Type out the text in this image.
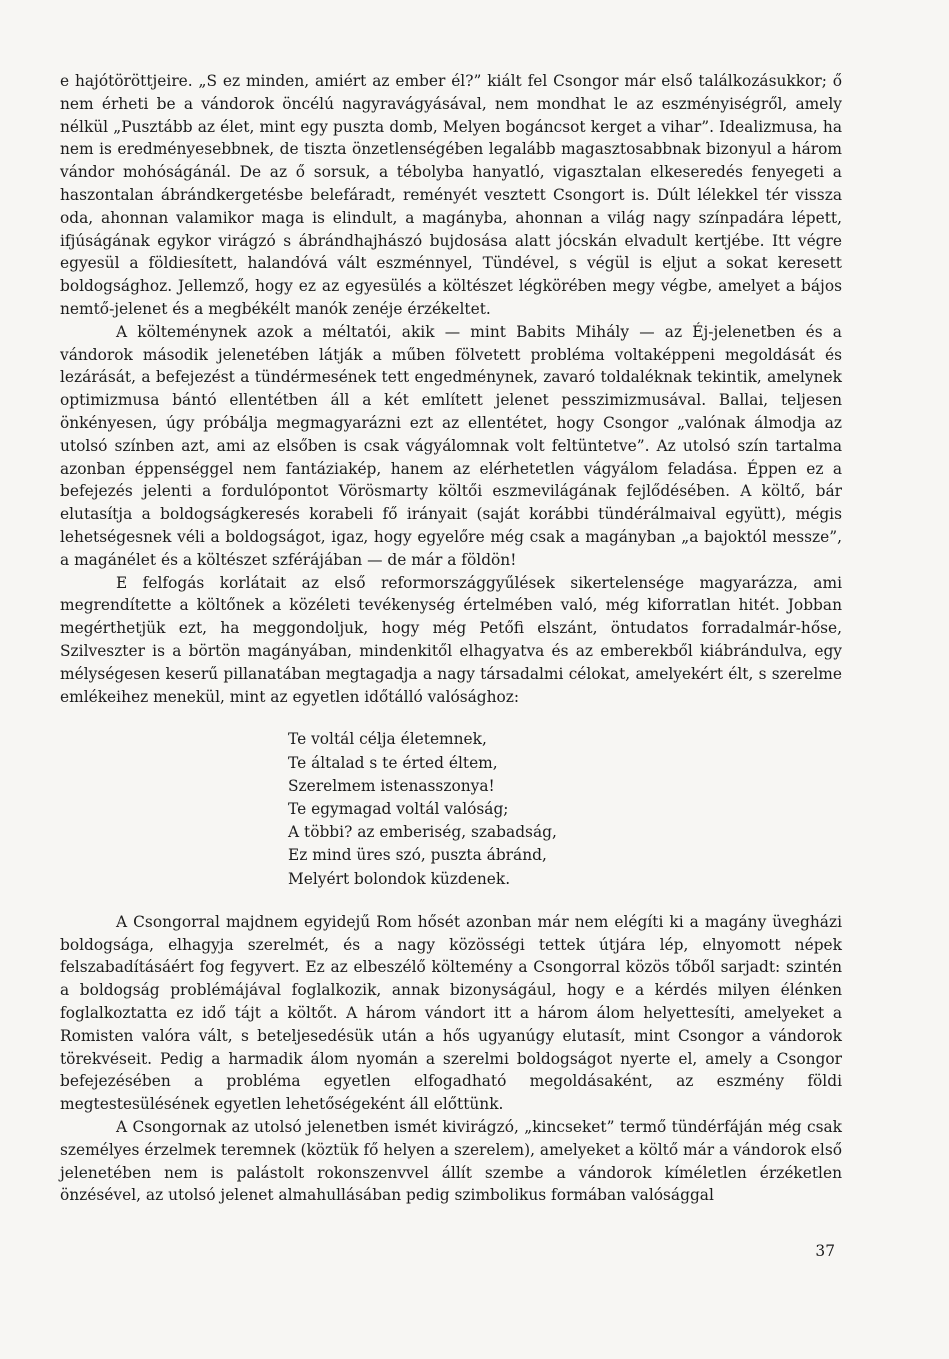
e hajótöröttjeire. „S ez minden, amiért az ember él?” kiált fel Csongor már első találkozásukkor; ő nem érheti be a vándorok öncélú nagyravágyásával, nem mondhat le az eszményiségről, amely nélkül „Pusztább az élet, mint egy puszta domb, Melyen bogáncsot kerget a vihar”. Idealizmusa, ha nem is eredményesebbnek, de tiszta önzetlenségében legalább magasztosabbnak bizonyul a három vándor mohóságánál. De az ő sorsuk, a tébolyba hanyatló, vigasztalan elkeseredés fenyegeti a haszontalan ábrándkergetésbe belefáradt, reményét vesztett Csongort is. Dúlt lélekkel tér vissza oda, ahonnan valamikor maga is elindult, a magányba, ahonnan a világ nagy színpadára lépett, ifjúságának egykor virágzó s ábrándhajhászó bujdosása alatt jócskán elvadult kertjébe. Itt végre egyesül a földiesített, halandóvá vált eszménnyel, Tündével, s végül is eljut a sokat keresett boldogsághoz. Jellemző, hogy ez az egyesülés a költészet légkörében megy végbe, amelyet a bájos nemtő-jelenet és a megbékélt manók zenéje érzékeltet.

A költeménynek azok a méltatói, akik — mint Babits Mihály — az Éj-jelenetben és a vándorok második jelenetében látják a műben fölvetett probléma voltaképpeni megoldását és lezárását, a befejezést a tündérmesének tett engedménynek, zavaró toldaléknak tekintik, amelynek optimizmusa bántó ellentétben áll a két említett jelenet pesszimizmusával. Ballai, teljesen önkényesen, úgy próbálja megmagyarázni ezt az ellentétet, hogy Csongor „valónak álmodja az utolsó színben azt, ami az elsőben is csak vágyálomnak volt feltüntetve”. Az utolsó szín tartalma azonban éppenséggel nem fantáziakép, hanem az elérhetetlen vágyálom feladása. Éppen ez a befejezés jelenti a fordulópontot Vörösmarty költői eszmevilágának fejlődésében. A költő, bár elutasítja a boldogságkeresés korabeli fő irányait (saját korábbi tündérálmaival együtt), mégis lehetségesnek véli a boldogságot, igaz, hogy egyelőre még csak a magányban „a bajoktól messze”, a magánélet és a költészet szférájában — de már a földön!

E felfogás korlátait az első reformországgyűlések sikertelensége magyarázza, ami megrendítette a költőnek a közéleti tevékenység értelmében való, még kiforratlan hitét. Jobban megérthetjük ezt, ha meggondoljuk, hogy még Petőfi elszánt, öntudatos forradalmár-hőse, Szilveszter is a börtön magányában, mindenkitől elhagyatva és az emberekből kiábrándulva, egy mélységesen keserű pillanatában megtagadja a nagy társadalmi célokat, amelyekért élt, s szerelme emlékeihez menekül, mint az egyetlen időtálló valósághoz:

Te voltál célja életemnek,
Te általad s te érted éltem,
Szerelmem istenasszonya!
Te egymagad voltál valóság;
A többi? az emberiség, szabadság,
Ez mind üres szó, puszta ábránd,
Melyért bolondok küzdenek.

A Csongorral majdnem egyidejű Rom hősét azonban már nem elégíti ki a magány üvegházi boldogsága, elhagyja szerelmét, és a nagy közösségi tettek útjára lép, elnyomott népek felszabadításáért fog fegyvert. Ez az elbeszélő költemény a Csongorral közös tőből sarjadt: szintén a boldogság problémájával foglalkozik, annak bizonyságául, hogy e a kérdés milyen élénken foglalkoztatta ez idő tájt a költőt. A három vándort itt a három álom helyettesíti, amelyeket a Romisten valóra vált, s beteljesedésük után a hős ugyanúgy elutasít, mint Csongor a vándorok törekvéseit. Pedig a harmadik álom nyomán a szerelmi boldogságot nyerte el, amely a Csongor befejezésében a probléma egyetlen elfogadható megoldásaként, az eszmény földi megtestesülésének egyetlen lehetőségeként áll előttünk.

A Csongornak az utolsó jelenetben ismét kivirágzó, „kincseket” termő tündérfáján még csak személyes érzelmek teremnek (köztük fő helyen a szerelem), amelyeket a költő már a vándorok első jelenetében nem is palástolt rokonszenvvel állít szembe a vándorok kíméletlen érzéketlen önzésével, az utolsó jelenet almahullásában pedig szimbolikus formában valósággal

37
